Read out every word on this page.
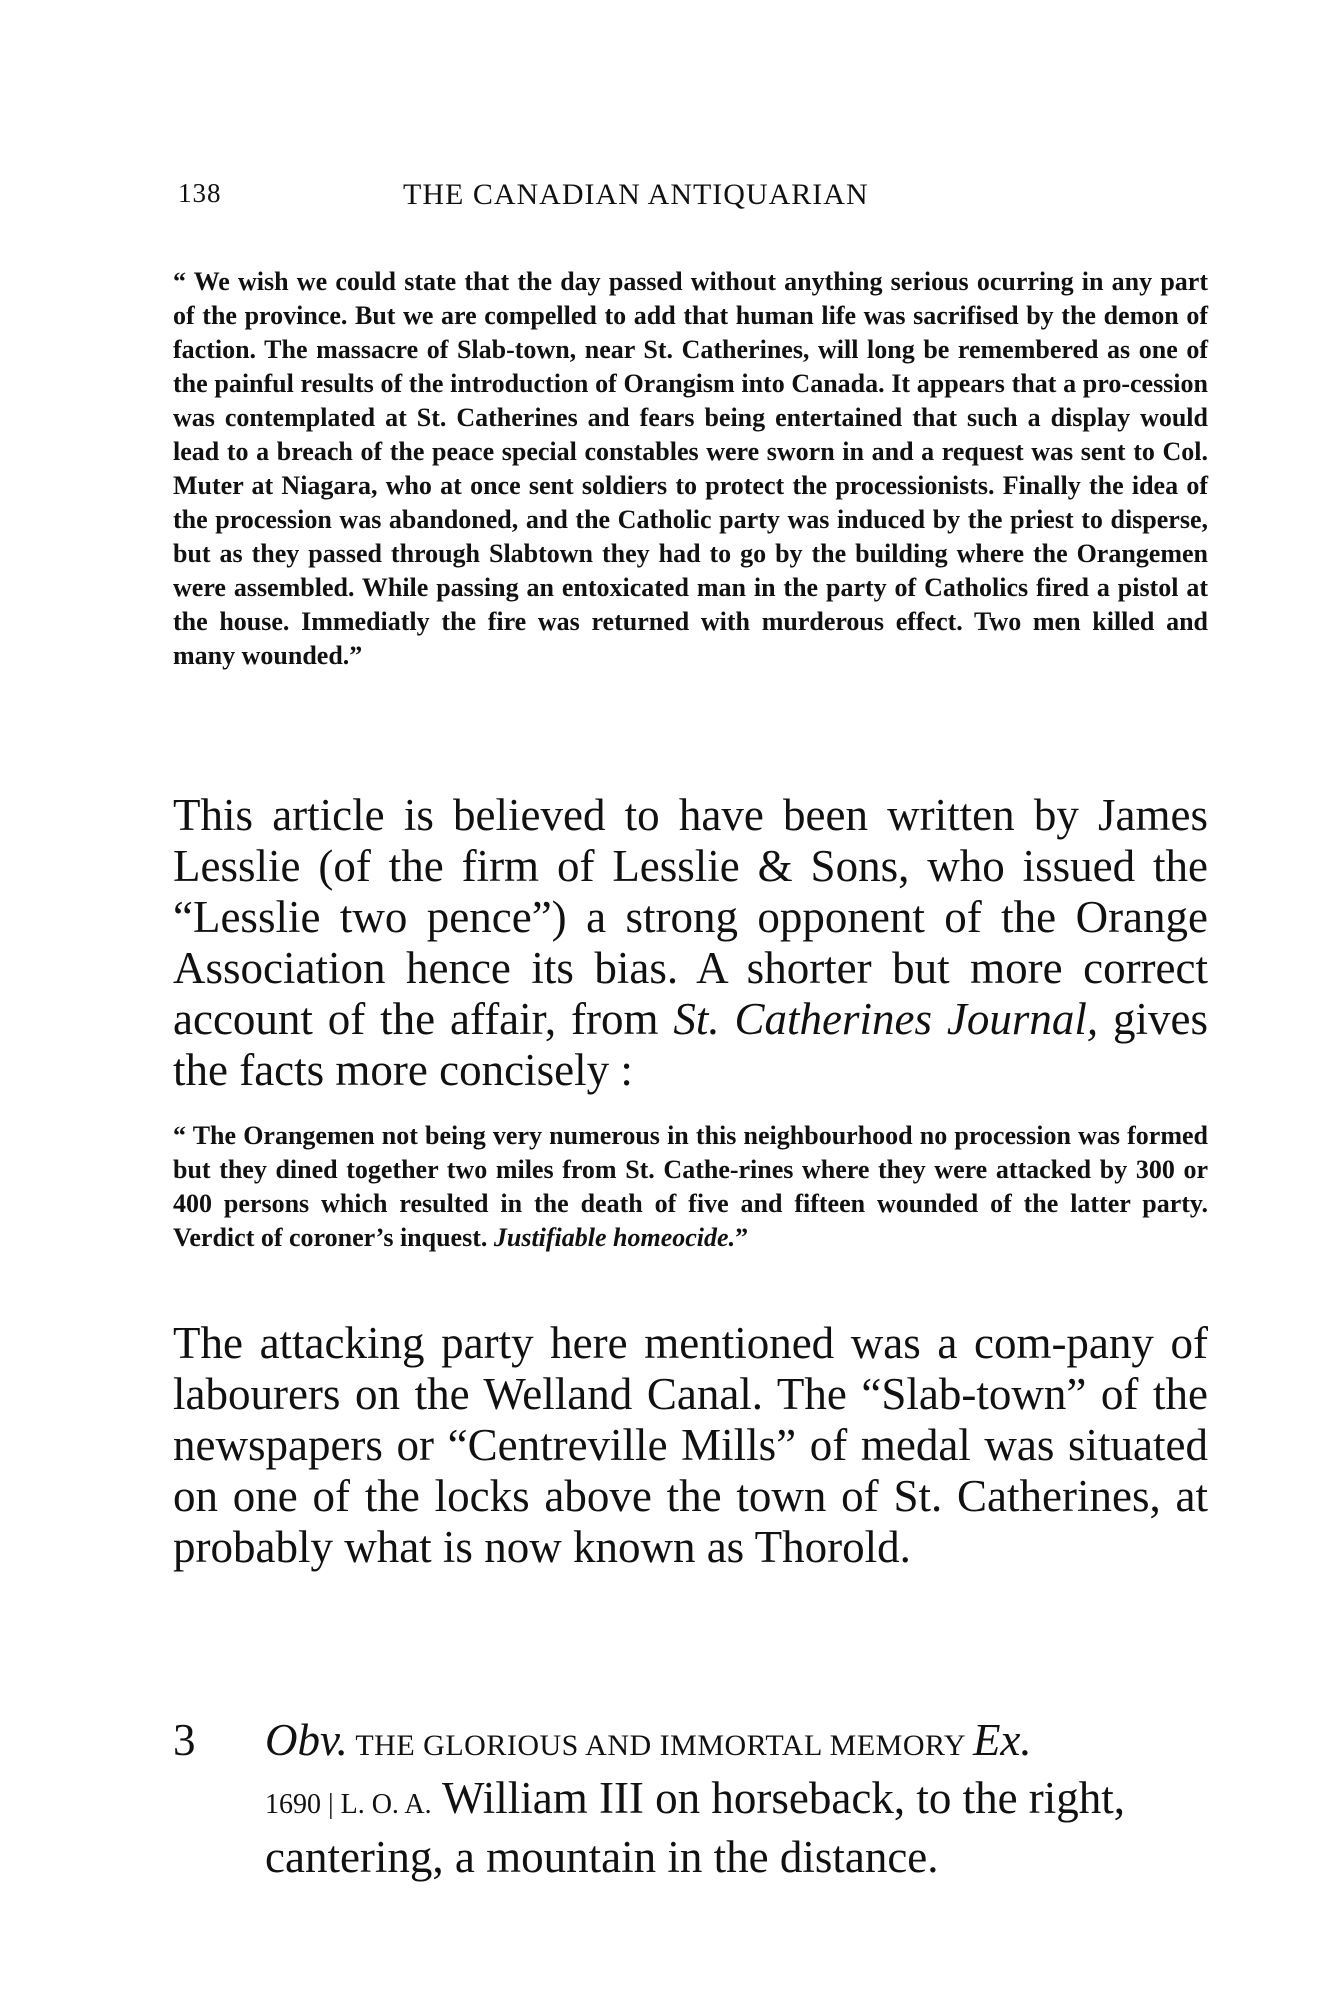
138	THE CANADIAN ANTIQUARIAN
“ We wish we could state that the day passed without anything serious ocurring in any part of the province. But we are compelled to add that human life was sacrifised by the demon of faction. The massacre of Slab-town, near St. Catherines, will long be remembered as one of the painful results of the introduction of Orangism into Canada. It appears that a pro-cession was contemplated at St. Catherines and fears being entertained that such a display would lead to a breach of the peace special constables were sworn in and a request was sent to Col. Muter at Niagara, who at once sent soldiers to protect the processionists. Finally the idea of the procession was abandoned, and the Catholic party was induced by the priest to disperse, but as they passed through Slabtown they had to go by the building where the Orangemen were assembled. While passing an entoxicated man in the party of Catholics fired a pistol at the house. Immediatly the fire was returned with murderous effect. Two men killed and many wounded.”
This article is believed to have been written by James Lesslie (of the firm of Lesslie & Sons, who issued the “Lesslie two pence”) a strong opponent of the Orange Association hence its bias. A shorter but more correct account of the affair, from St. Catherines Journal, gives the facts more concisely :
“ The Orangemen not being very numerous in this neighbourhood no procession was formed but they dined together two miles from St. Cathe-rines where they were attacked by 300 or 400 persons which resulted in the death of five and fifteen wounded of the latter party. Verdict of coroner’s inquest. Justifiable homeocide.”
The attacking party here mentioned was a com-pany of labourers on the Welland Canal. The “Slab-town” of the newspapers or “Centreville Mills” of medal was situated on one of the locks above the town of St. Catherines, at probably what is now known as Thorold.
3	Obv. THE GLORIOUS AND IMMORTAL MEMORY Ex.
1690 | L. O. A. William III on horseback, to the right, cantering, a mountain in the distance.
